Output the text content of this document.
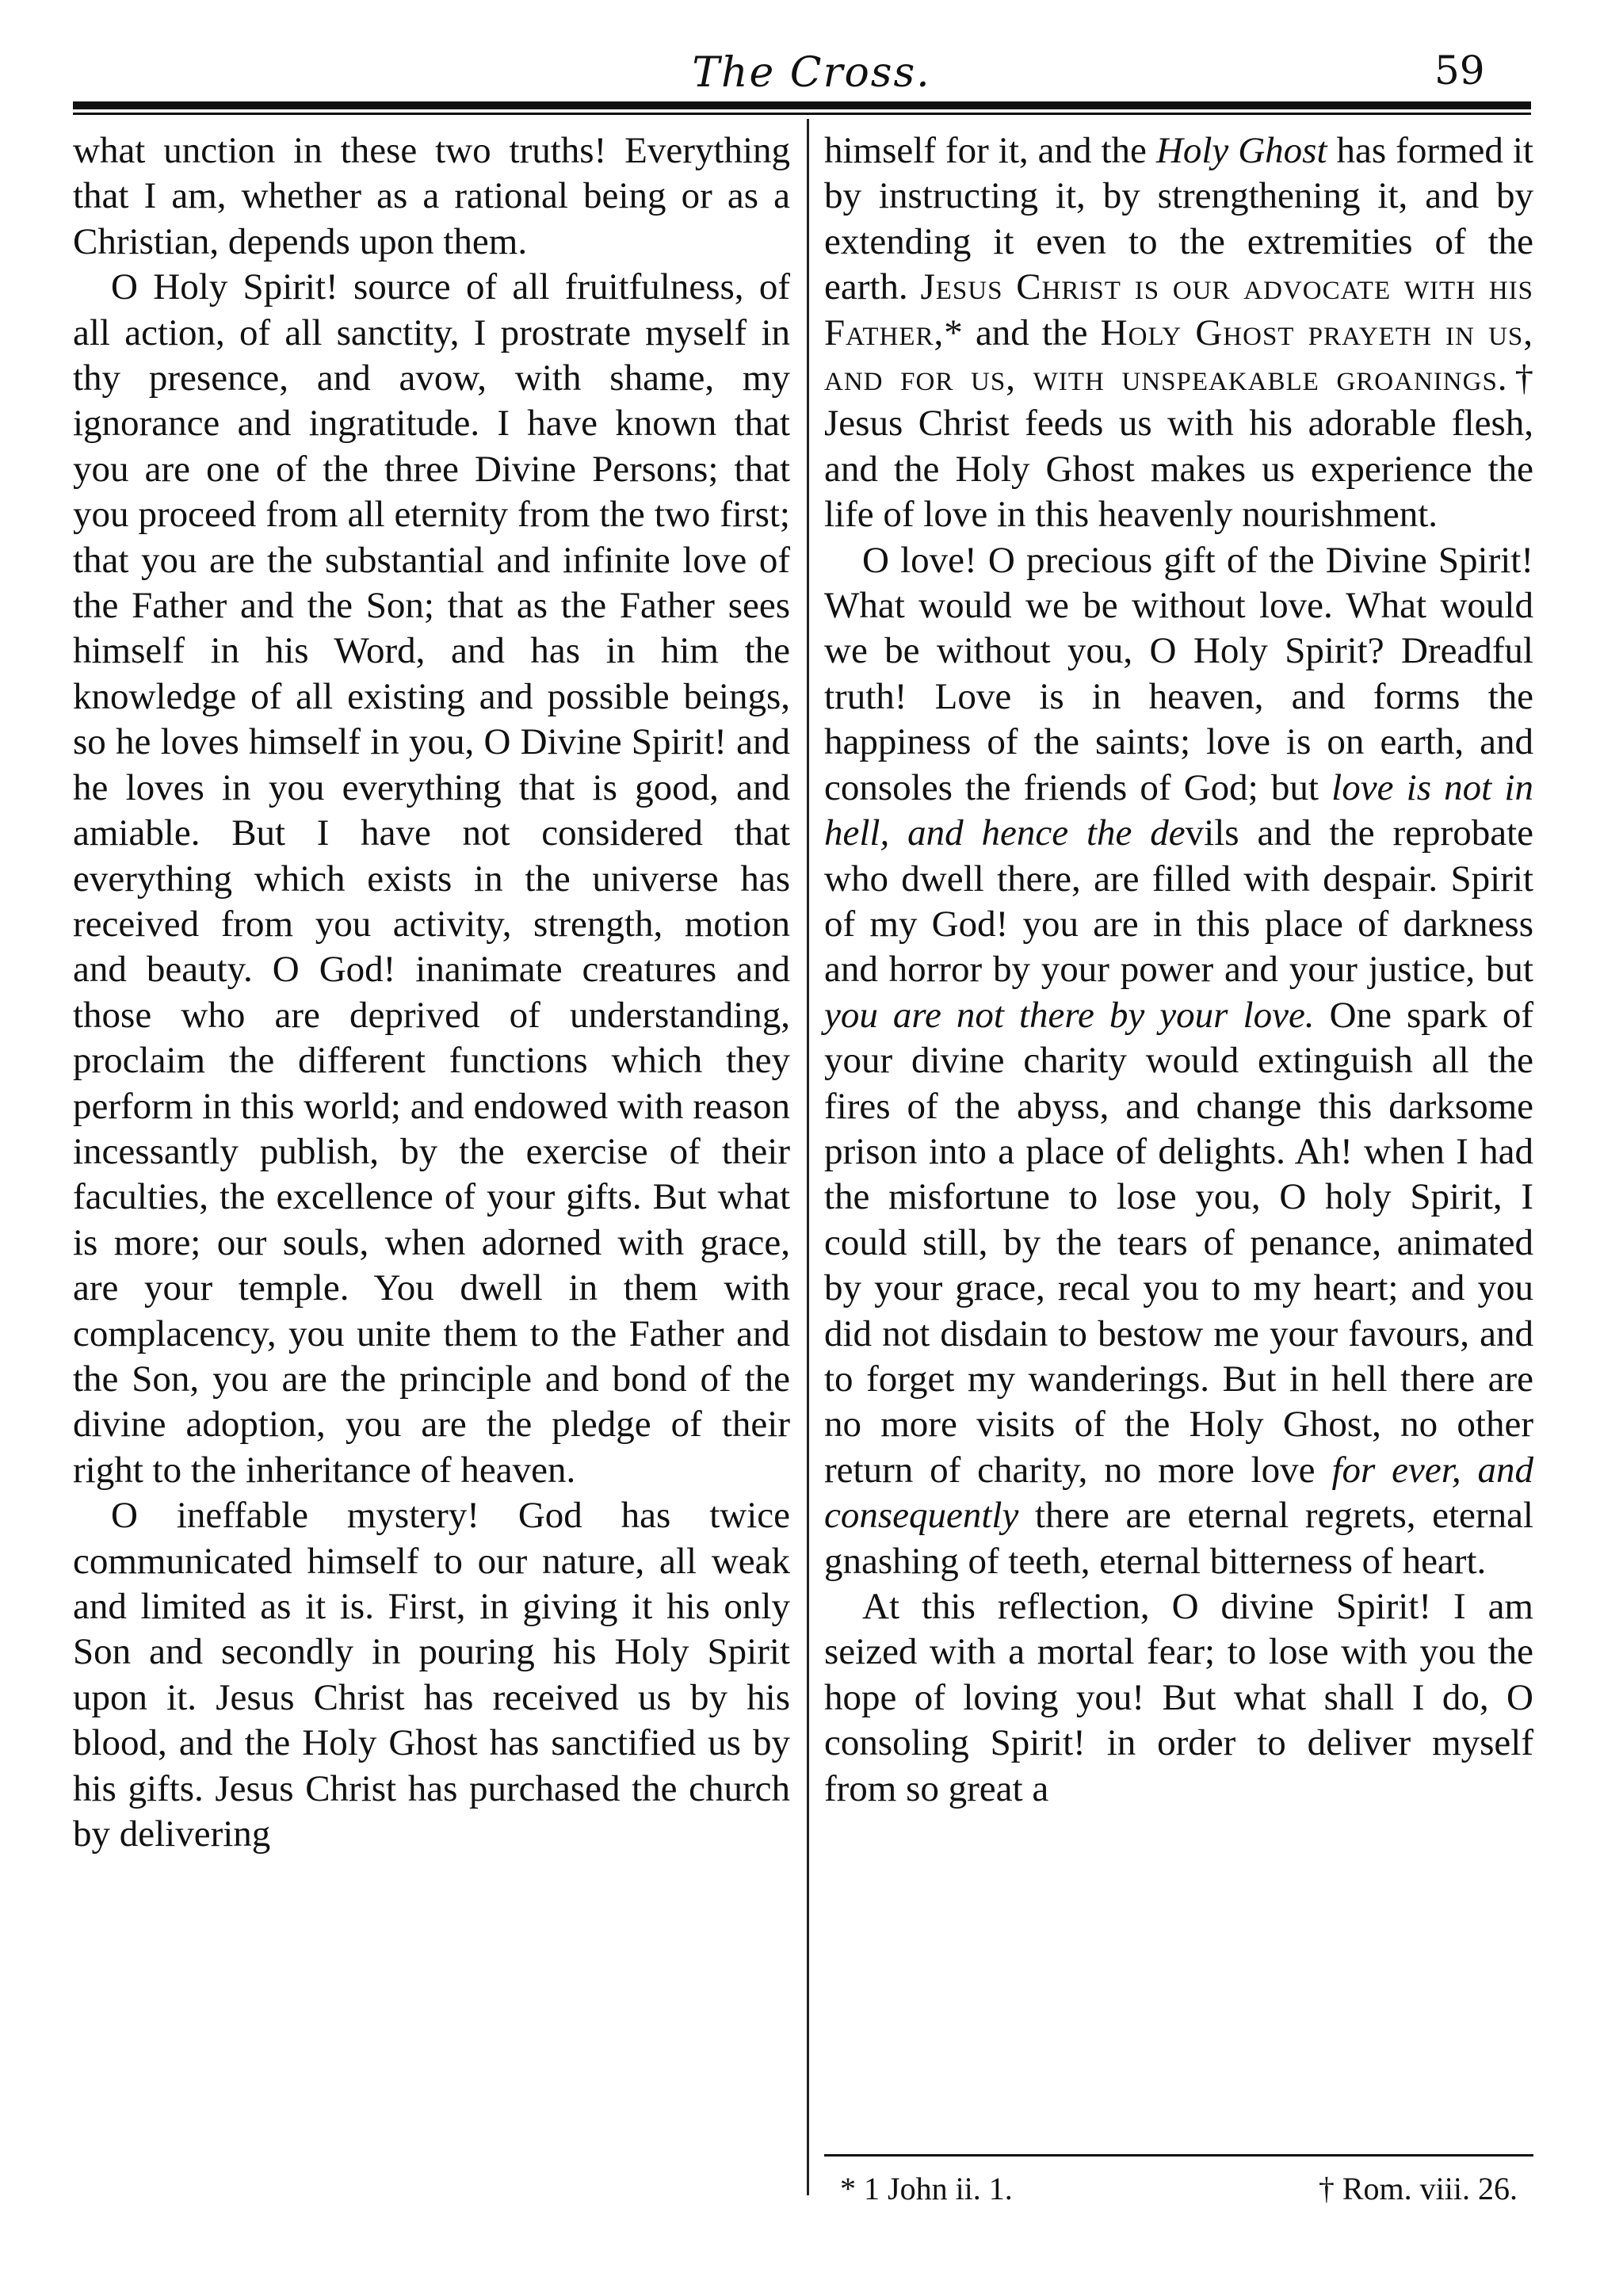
The Cross.	59

what unction in these two truths! Everything that I am, whether as a rational being or as a Christian, depends upon them.

O Holy Spirit! source of all fruitfulness, of all action, of all sanctity, I prostrate myself in thy presence, and avow, with shame, my ignorance and ingratitude. I have known that you are one of the three Divine Persons; that you proceed from all eternity from the two first; that you are the substantial and infinite love of the Father and the Son; that as the Father sees himself in his Word, and has in him the knowledge of all existing and possible beings, so he loves himself in you, O Divine Spirit! and he loves in you everything that is good, and amiable. But I have not considered that everything which exists in the universe has received from you activity, strength, motion and beauty. O God! inanimate creatures and those who are deprived of understanding, proclaim the different functions which they perform in this world; and endowed with reason incessantly publish, by the exercise of their faculties, the excellence of your gifts. But what is more; our souls, when adorned with grace, are your temple. You dwell in them with complacency, you unite them to the Father and the Son, you are the principle and bond of the divine adoption, you are the pledge of their right to the inheritance of heaven.

O ineffable mystery! God has twice communicated himself to our nature, all weak and limited as it is. First, in giving it his only Son and secondly in pouring his Holy Spirit upon it. Jesus Christ has received us by his blood, and the Holy Ghost has sanctified us by his gifts. Jesus Christ has purchased the church by delivering

himself for it, and the Holy Ghost has formed it by instructing it, by strengthening it, and by extending it even to the extremities of the earth. Jesus Christ is our advocate with his Father,* and the Holy Ghost prayeth in us, and for us, with unspeakable groanings.† Jesus Christ feeds us with his adorable flesh, and the Holy Ghost makes us experience the life of love in this heavenly nourishment.

O love! O precious gift of the Divine Spirit! What would we be without love. What would we be without you, O Holy Spirit? Dreadful truth! Love is in heaven, and forms the happiness of the saints; love is on earth, and consoles the friends of God; but love is not in hell, and hence the devils and the reprobate who dwell there, are filled with despair. Spirit of my God! you are in this place of darkness and horror by your power and your justice, but you are not there by your love. One spark of your divine charity would extinguish all the fires of the abyss, and change this darksome prison into a place of delights. Ah! when I had the misfortune to lose you, O holy Spirit, I could still, by the tears of penance, animated by your grace, recal you to my heart; and you did not disdain to bestow me your favours, and to forget my wanderings. But in hell there are no more visits of the Holy Ghost, no other return of charity, no more love for ever, and consequently there are eternal regrets, eternal gnashing of teeth, eternal bitterness of heart.

At this reflection, O divine Spirit! I am seized with a mortal fear; to lose with you the hope of loving you! But what shall I do, O consoling Spirit! in order to deliver myself from so great a

* 1 John ii. 1.	† Rom. viii. 26.
